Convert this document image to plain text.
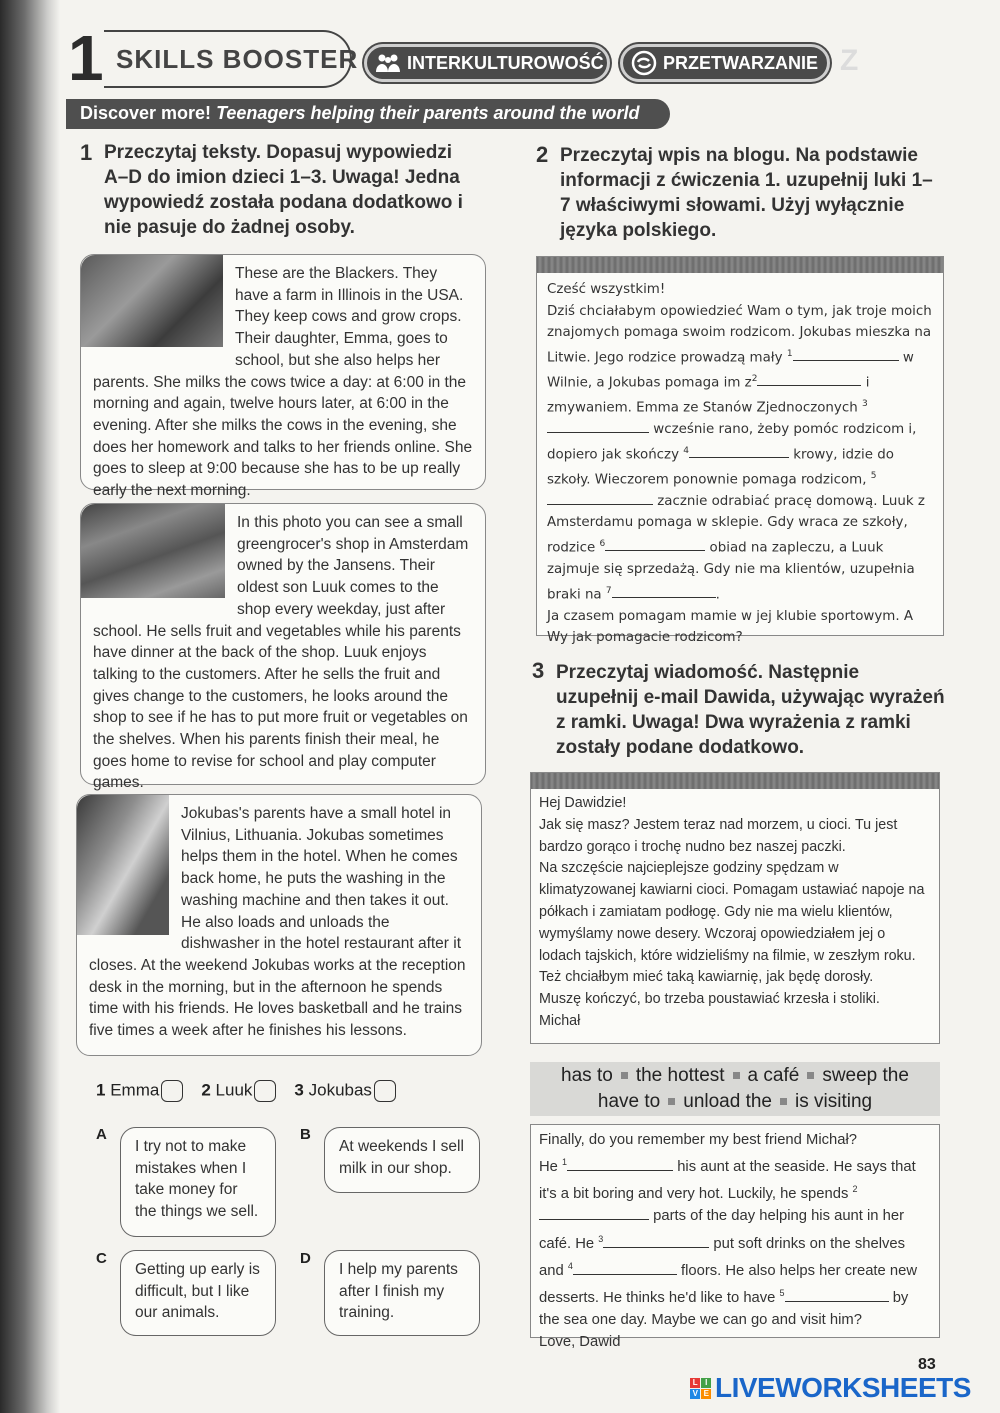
1 SKILLS BOOSTER	INTERKULTUROWOŚĆ	PRZETWARZANIE Z
Discover more! Teenagers helping their parents around the world
1 Przeczytaj teksty. Dopasuj wypowiedzi A–D do imion dzieci 1–3. Uwaga! Jedna wypowiedź została podana dodatkowo i nie pasuje do żadnej osoby.
These are the Blackers. They have a farm in Illinois in the USA. They keep cows and grow crops. Their daughter, Emma, goes to school, but she also helps her parents. She milks the cows twice a day: at 6:00 in the morning and again, twelve hours later, at 6:00 in the evening. After she milks the cows in the evening, she does her homework and talks to her friends online. She goes to sleep at 9:00 because she has to be up really early the next morning.
In this photo you can see a small greengrocer's shop in Amsterdam owned by the Jansens. Their oldest son Luuk comes to the shop every weekday, just after school. He sells fruit and vegetables while his parents have dinner at the back of the shop. Luuk enjoys talking to the customers. After he sells the fruit and gives change to the customers, he looks around the shop to see if he has to put more fruit or vegetables on the shelves. When his parents finish their meal, he goes home to revise for school and play computer games.
Jokubas's parents have a small hotel in Vilnius, Lithuania. Jokubas sometimes helps them in the hotel. When he comes back home, he puts the washing in the washing machine and then takes it out. He also loads and unloads the dishwasher in the hotel restaurant after it closes. At the weekend Jokubas works at the reception desk in the morning, but in the afternoon he spends time with his friends. He loves basketball and he trains five times a week after he finishes his lessons.
1 Emma	2 Luuk	3 Jokubas
A
I try not to make mistakes when I take money for the things we sell.
B
At weekends I sell milk in our shop.
C
Getting up early is difficult, but I like our animals.
D
I help my parents after I finish my training.
2 Przeczytaj wpis na blogu. Na podstawie informacji z ćwiczenia 1. uzupełnij luki 1–7 właściwymi słowami. Użyj wyłącznie języka polskiego.
Cześć wszystkim!
Dziś chciałabym opowiedzieć Wam o tym, jak troje moich znajomych pomaga swoim rodzicom. Jokubas mieszka na Litwie. Jego rodzice prowadzą mały $^1$	w Wilnie, a Jokubas pomaga im $z^2$	i zmywaniem. Emma ze Stanów Zjednoczonych $^3$ wcześnie rano, żeby pomóc rodzicom i, dopiero jak skończy $^4$	krowy, idzie do szkoły. Wieczorem ponownie pomaga rodzicom, $^5$ zacznie odrabiać pracę domową. Luuk z Amsterdamu pomaga w sklepie. Gdy wraca ze szkoły, rodzice $^6$	obiad na zapleczu, a Luuk zajmuje się sprzedażą. Gdy nie ma klientów, uzupełnia braki na $^7$	.
Ja czasem pomagam mamie w jej klubie sportowym. A Wy jak pomagacie rodzicom?
3 Przeczytaj wiadomość. Następnie uzupełnij e-mail Dawida, używając wyrażeń z ramki. Uwaga! Dwa wyrażenia z ramki zostały podane dodatkowo.
Hej Dawidzie!
Jak się masz? Jestem teraz nad morzem, u cioci. Tu jest bardzo gorąco i trochę nudno bez naszej paczki.
Na szczęście najcieplejsze godziny spędzam w klimatyzowanej kawiarni cioci. Pomagam ustawiać napoje na półkach i zamiatam podłogę. Gdy nie ma wielu klientów, wymyślamy nowe desery. Wczoraj opowiedziałem jej o lodach tajskich, które widzieliśmy na filmie, w zeszłym roku.
Też chciałbym mieć taką kawiarnię, jak będę dorosły.
Muszę kończyć, bo trzeba poustawiać krzesła i stoliki.
Michał
has to the hottest a café sweep the
have to unload the is visiting
Finally, do you remember my best friend Michał?
He $^1$	his aunt at the seaside. He says that it's a bit boring and very hot. Luckily, he spends $^2$ parts of the day helping his aunt in her café. He $^3$	put soft drinks on the shelves and $^4$	floors. He also helps her create new desserts. He thinks he'd like to have $^5$	by the sea one day. Maybe we can go and visit him?
Love, Dawid
83
L I
V E LIVEWORKSHEETS
